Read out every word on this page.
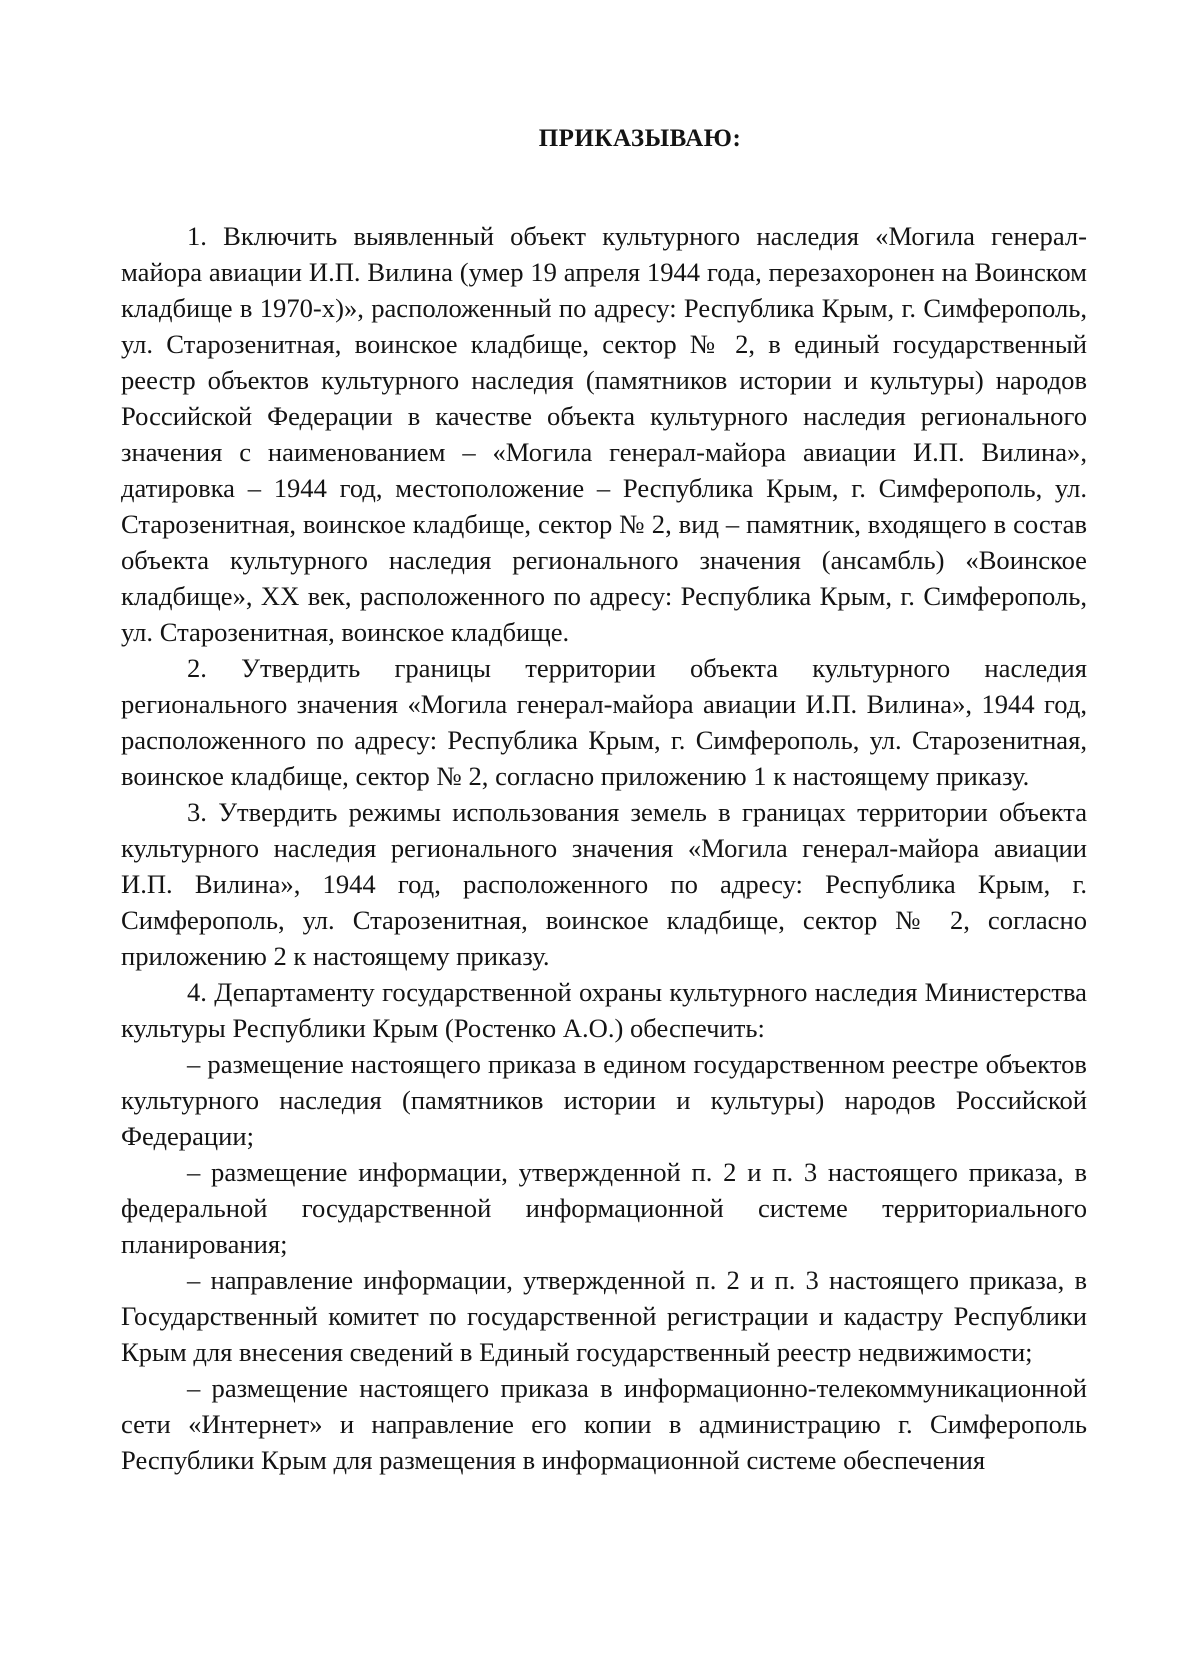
ПРИКАЗЫВАЮ:

1. Включить выявленный объект культурного наследия «Могила генерал-майора авиации И.П. Вилина (умер 19 апреля 1944 года, перезахоронен на Воинском кладбище в 1970-х)», расположенный по адресу: Республика Крым, г. Симферополь, ул. Старозенитная, воинское кладбище, сектор № 2, в единый государственный реестр объектов культурного наследия (памятников истории и культуры) народов Российской Федерации в качестве объекта культурного наследия регионального значения с наименованием – «Могила генерал-майора авиации И.П. Вилина», датировка – 1944 год, местоположение – Республика Крым, г. Симферополь, ул. Старозенитная, воинское кладбище, сектор № 2, вид – памятник, входящего в состав объекта культурного наследия регионального значения (ансамбль) «Воинское кладбище», XX век, расположенного по адресу: Республика Крым, г. Симферополь, ул. Старозенитная, воинское кладбище.

2. Утвердить границы территории объекта культурного наследия регионального значения «Могила генерал-майора авиации И.П. Вилина», 1944 год, расположенного по адресу: Республика Крым, г. Симферополь, ул. Старозенитная, воинское кладбище, сектор № 2, согласно приложению 1 к настоящему приказу.

3. Утвердить режимы использования земель в границах территории объекта культурного наследия регионального значения «Могила генерал-майора авиации И.П. Вилина», 1944 год, расположенного по адресу: Республика Крым, г. Симферополь, ул. Старозенитная, воинское кладбище, сектор № 2, согласно приложению 2 к настоящему приказу.

4. Департаменту государственной охраны культурного наследия Министерства культуры Республики Крым (Ростенко А.О.) обеспечить:

– размещение настоящего приказа в едином государственном реестре объектов культурного наследия (памятников истории и культуры) народов Российской Федерации;

– размещение информации, утвержденной п. 2 и п. 3 настоящего приказа, в федеральной государственной информационной системе территориального планирования;

– направление информации, утвержденной п. 2 и п. 3 настоящего приказа, в Государственный комитет по государственной регистрации и кадастру Республики Крым для внесения сведений в Единый государственный реестр недвижимости;

– размещение настоящего приказа в информационно-телекоммуникационной сети «Интернет» и направление его копии в администрацию г. Симферополь Республики Крым для размещения в информационной системе обеспечения
